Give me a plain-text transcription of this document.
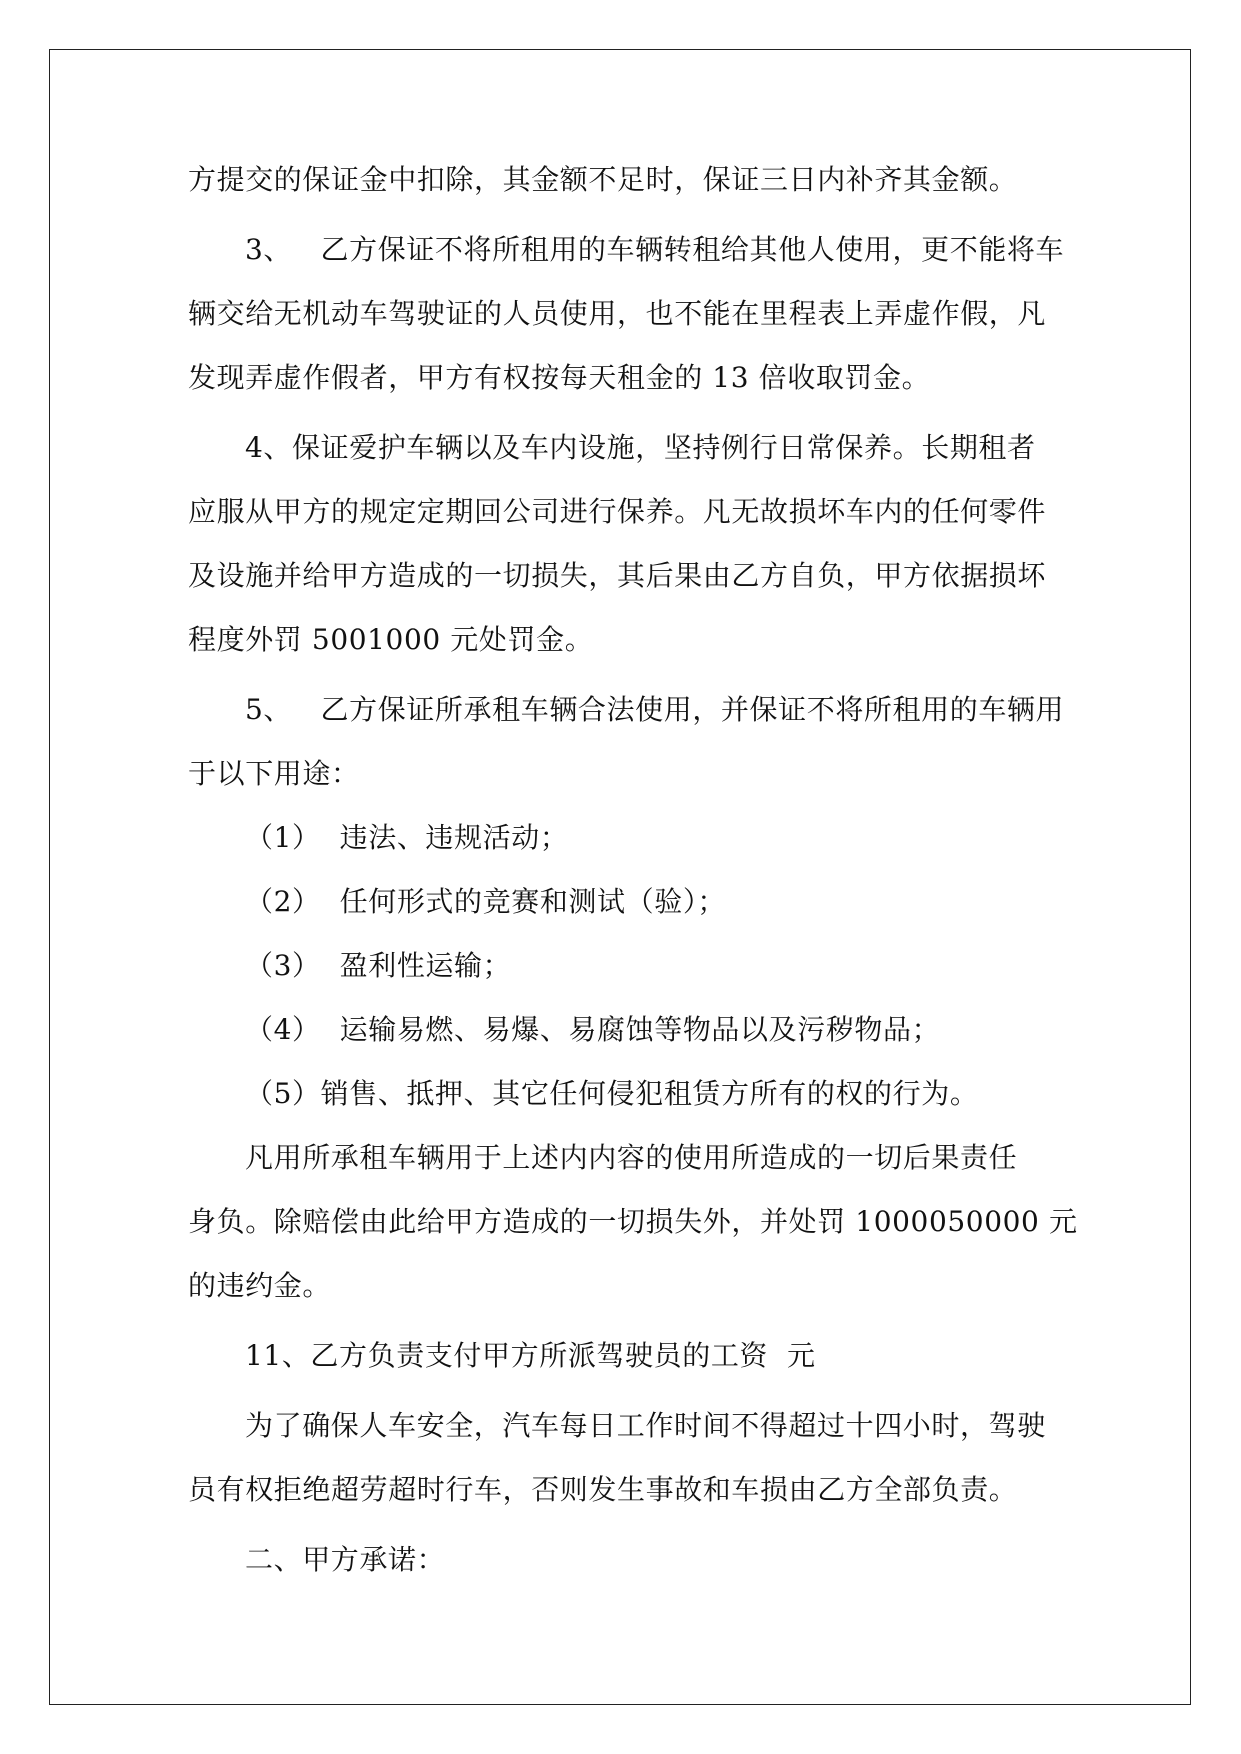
方提交的保证金中扣除，其金额不足时，保证三日内补齐其金额。
3、   乙方保证不将所租用的车辆转租给其他人使用，更不能将车
辆交给无机动车驾驶证的人员使用，也不能在里程表上弄虚作假，凡
发现弄虚作假者，甲方有权按每天租金的 13 倍收取罚金。
4、保证爱护车辆以及车内设施，坚持例行日常保养。长期租者
应服从甲方的规定定期回公司进行保养。凡无故损坏车内的任何零件
及设施并给甲方造成的一切损失，其后果由乙方自负，甲方依据损坏
程度外罚 5001000 元处罚金。
5、   乙方保证所承租车辆合法使用，并保证不将所租用的车辆用
于以下用途：
（1）  违法、违规活动；
（2）  任何形式的竞赛和测试（验）；
（3）  盈利性运输；
（4）  运输易燃、易爆、易腐蚀等物品以及污秽物品；
（5）销售、抵押、其它任何侵犯租赁方所有的权的行为。
凡用所承租车辆用于上述内内容的使用所造成的一切后果责任
身负。除赔偿由此给甲方造成的一切损失外，并处罚 1000050000 元
的违约金。
11、乙方负责支付甲方所派驾驶员的工资  元
为了确保人车安全，汽车每日工作时间不得超过十四小时，驾驶
员有权拒绝超劳超时行车，否则发生事故和车损由乙方全部负责。
二、甲方承诺：
